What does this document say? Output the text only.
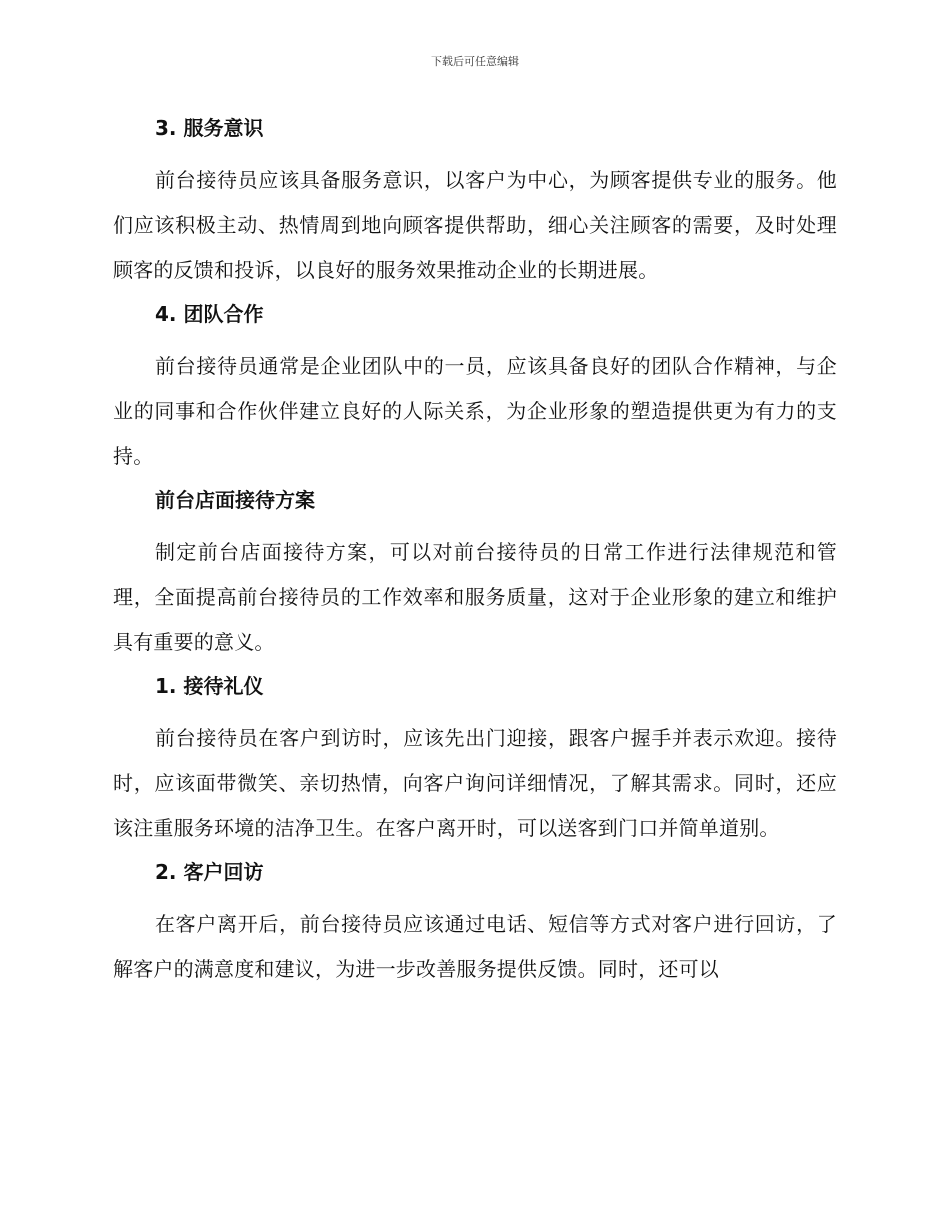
下载后可任意编辑

3. 服务意识

前台接待员应该具备服务意识，以客户为中心，为顾客提供专业的服务。他们应该积极主动、热情周到地向顾客提供帮助，细心关注顾客的需要，及时处理顾客的反馈和投诉，以良好的服务效果推动企业的长期进展。

4. 团队合作

前台接待员通常是企业团队中的一员，应该具备良好的团队合作精神，与企业的同事和合作伙伴建立良好的人际关系，为企业形象的塑造提供更为有力的支持。

前台店面接待方案

制定前台店面接待方案，可以对前台接待员的日常工作进行法律规范和管理，全面提高前台接待员的工作效率和服务质量，这对于企业形象的建立和维护具有重要的意义。

1. 接待礼仪

前台接待员在客户到访时，应该先出门迎接，跟客户握手并表示欢迎。接待时，应该面带微笑、亲切热情，向客户询问详细情况，了解其需求。同时，还应该注重服务环境的洁净卫生。在客户离开时，可以送客到门口并简单道别。

2. 客户回访

在客户离开后，前台接待员应该通过电话、短信等方式对客户进行回访，了解客户的满意度和建议，为进一步改善服务提供反馈。同时，还可以
